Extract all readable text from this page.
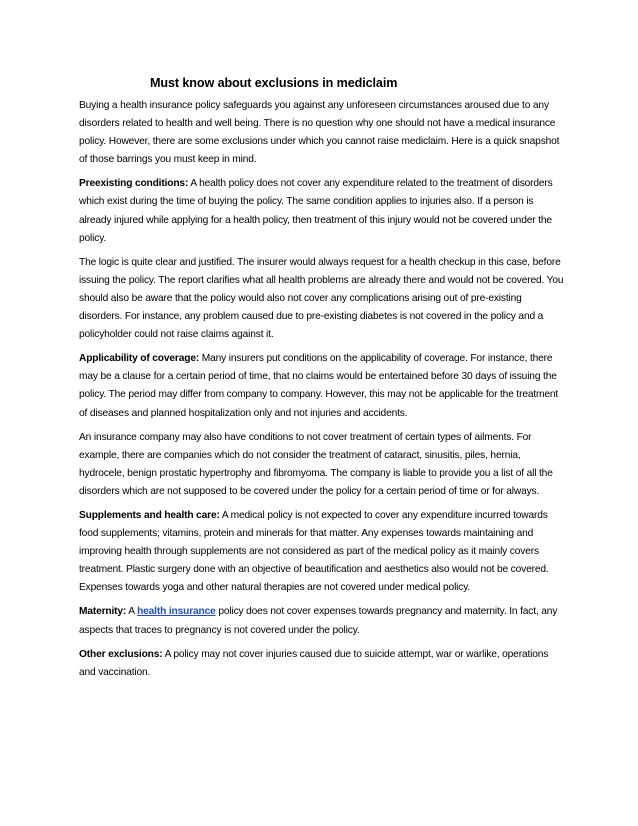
Must know about exclusions in mediclaim

Buying a health insurance policy safeguards you against any unforeseen circumstances aroused due to any disorders related to health and well being. There is no question why one should not have a medical insurance policy. However, there are some exclusions under which you cannot raise mediclaim. Here is a quick snapshot of those barrings you must keep in mind.

Preexisting conditions: A health policy does not cover any expenditure related to the treatment of disorders which exist during the time of buying the policy. The same condition applies to injuries also. If a person is already injured while applying for a health policy, then treatment of this injury would not be covered under the policy.

The logic is quite clear and justified. The insurer would always request for a health checkup in this case, before issuing the policy. The report clarifies what all health problems are already there and would not be covered. You should also be aware that the policy would also not cover any complications arising out of pre-existing disorders. For instance, any problem caused due to pre-existing diabetes is not covered in the policy and a policyholder could not raise claims against it.

Applicability of coverage: Many insurers put conditions on the applicability of coverage. For instance, there may be a clause for a certain period of time, that no claims would be entertained before 30 days of issuing the policy. The period may differ from company to company. However, this may not be applicable for the treatment of diseases and planned hospitalization only and not injuries and accidents.

An insurance company may also have conditions to not cover treatment of certain types of ailments. For example, there are companies which do not consider the treatment of cataract, sinusitis, piles, hernia, hydrocele, benign prostatic hypertrophy and fibromyoma. The company is liable to provide you a list of all the disorders which are not supposed to be covered under the policy for a certain period of time or for always.

Supplements and health care: A medical policy is not expected to cover any expenditure incurred towards food supplements; vitamins, protein and minerals for that matter. Any expenses towards maintaining and improving health through supplements are not considered as part of the medical policy as it mainly covers treatment. Plastic surgery done with an objective of beautification and aesthetics also would not be covered. Expenses towards yoga and other natural therapies are not covered under medical policy.

Maternity: A health insurance policy does not cover expenses towards pregnancy and maternity. In fact, any aspects that traces to pregnancy is not covered under the policy.

Other exclusions: A policy may not cover injuries caused due to suicide attempt, war or warlike, operations and vaccination.
